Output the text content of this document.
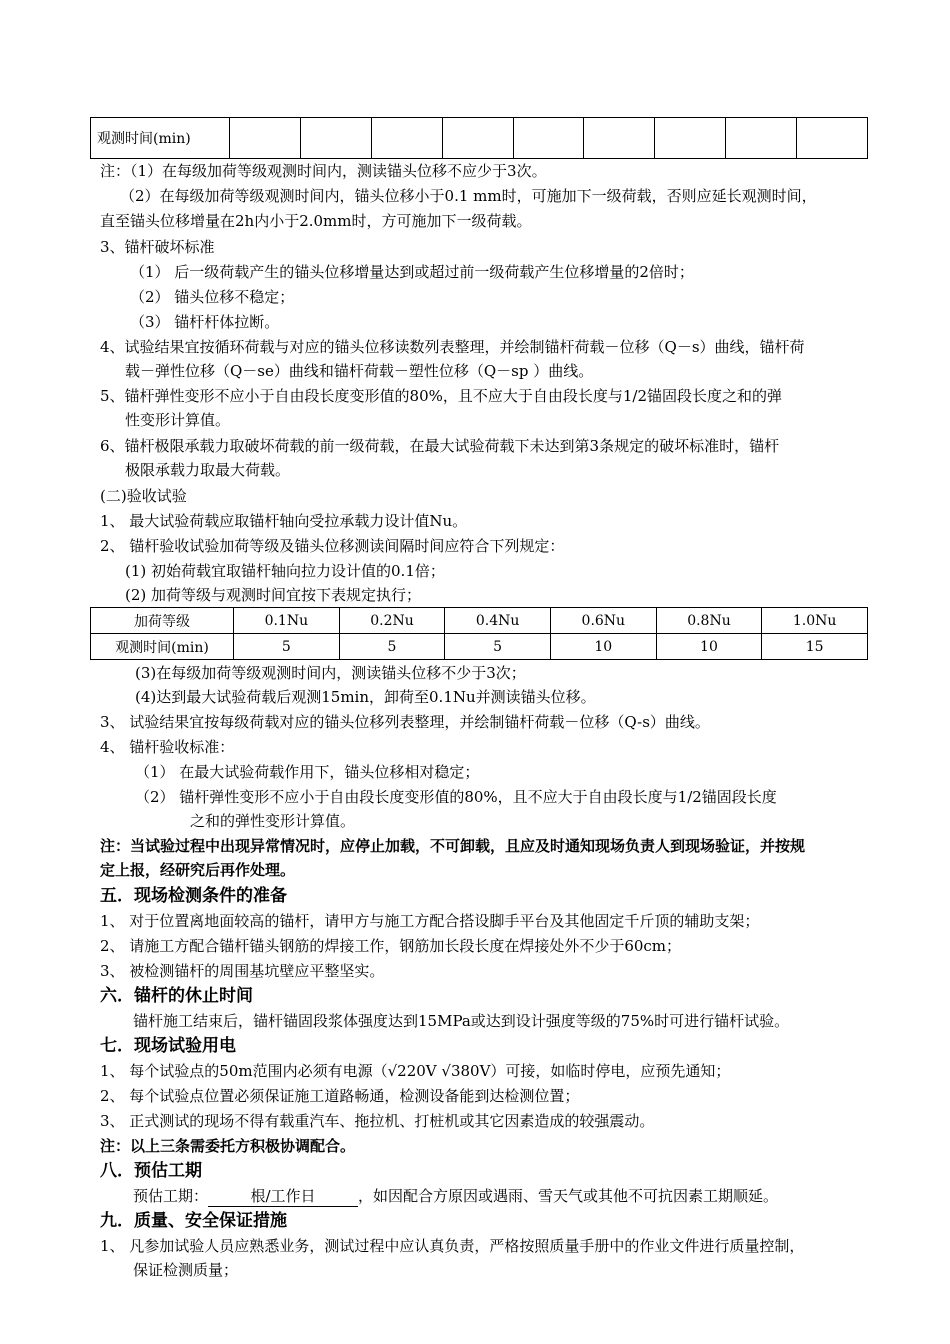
观测时间(min)									
注：（1）在每级加荷等级观测时间内，测读锚头位移不应少于3次。
（2）在每级加荷等级观测时间内，锚头位移小于0.1 mm时，可施加下一级荷载，否则应延长观测时间，
直至锚头位移增量在2h内小于2.0mm时，方可施加下一级荷载。
3、锚杆破坏标准
（1） 后一级荷载产生的锚头位移增量达到或超过前一级荷载产生位移增量的2倍时；
（2） 锚头位移不稳定；
（3） 锚杆杆体拉断。
4、试验结果宜按循环荷载与对应的锚头位移读数列表整理，并绘制锚杆荷载－位移（Q－s）曲线，锚杆荷
载－弹性位移（Q－se）曲线和锚杆荷载－塑性位移（Q－sp ）曲线。
5、锚杆弹性变形不应小于自由段长度变形值的80%，且不应大于自由段长度与1/2锚固段长度之和的弹
性变形计算值。
6、锚杆极限承载力取破坏荷载的前一级荷载，在最大试验荷载下未达到第3条规定的破坏标准时，锚杆
极限承载力取最大荷载。
(二)验收试验
1、 最大试验荷载应取锚杆轴向受拉承载力设计值Nu。
2、 锚杆验收试验加荷等级及锚头位移测读间隔时间应符合下列规定：
(1) 初始荷载宜取锚杆轴向拉力设计值的0.1倍；
(2) 加荷等级与观测时间宜按下表规定执行；
加荷等级	0.1Nu	0.2Nu	0.4Nu	0.6Nu	0.8Nu	1.0Nu
观测时间(min)	5	5	5	10	10	15
(3)在每级加荷等级观测时间内，测读锚头位移不少于3次；
(4)达到最大试验荷载后观测15min，卸荷至0.1Nu并测读锚头位移。
3、 试验结果宜按每级荷载对应的锚头位移列表整理，并绘制锚杆荷载－位移（Q-s）曲线。
4、 锚杆验收标准：
（1） 在最大试验荷载作用下，锚头位移相对稳定；
（2） 锚杆弹性变形不应小于自由段长度变形值的80%，且不应大于自由段长度与1/2锚固段长度
之和的弹性变形计算值。
注：当试验过程中出现异常情况时，应停止加载，不可卸载，且应及时通知现场负责人到现场验证，并按规
定上报，经研究后再作处理。
五．现场检测条件的准备
1、 对于位置离地面较高的锚杆，请甲方与施工方配合搭设脚手平台及其他固定千斤顶的辅助支架；
2、 请施工方配合锚杆锚头钢筋的焊接工作，钢筋加长段长度在焊接处外不少于60cm；
3、 被检测锚杆的周围基坑壁应平整坚实。
六．锚杆的休止时间
锚杆施工结束后，锚杆锚固段浆体强度达到15MPa或达到设计强度等级的75%时可进行锚杆试验。
七．现场试验用电
1、 每个试验点的50m范围内必须有电源（√220V √380V）可接，如临时停电，应预先通知；
2、 每个试验点位置必须保证施工道路畅通，检测设备能到达检测位置；
3、 正式测试的现场不得有载重汽车、拖拉机、打桩机或其它因素造成的较强震动。
注：以上三条需委托方积极协调配合。
八．预估工期
预估工期：	根/工作日	，如因配合方原因或遇雨、雪天气或其他不可抗因素工期顺延。
九．质量、安全保证措施
1、 凡参加试验人员应熟悉业务，测试过程中应认真负责，严格按照质量手册中的作业文件进行质量控制，
保证检测质量；
